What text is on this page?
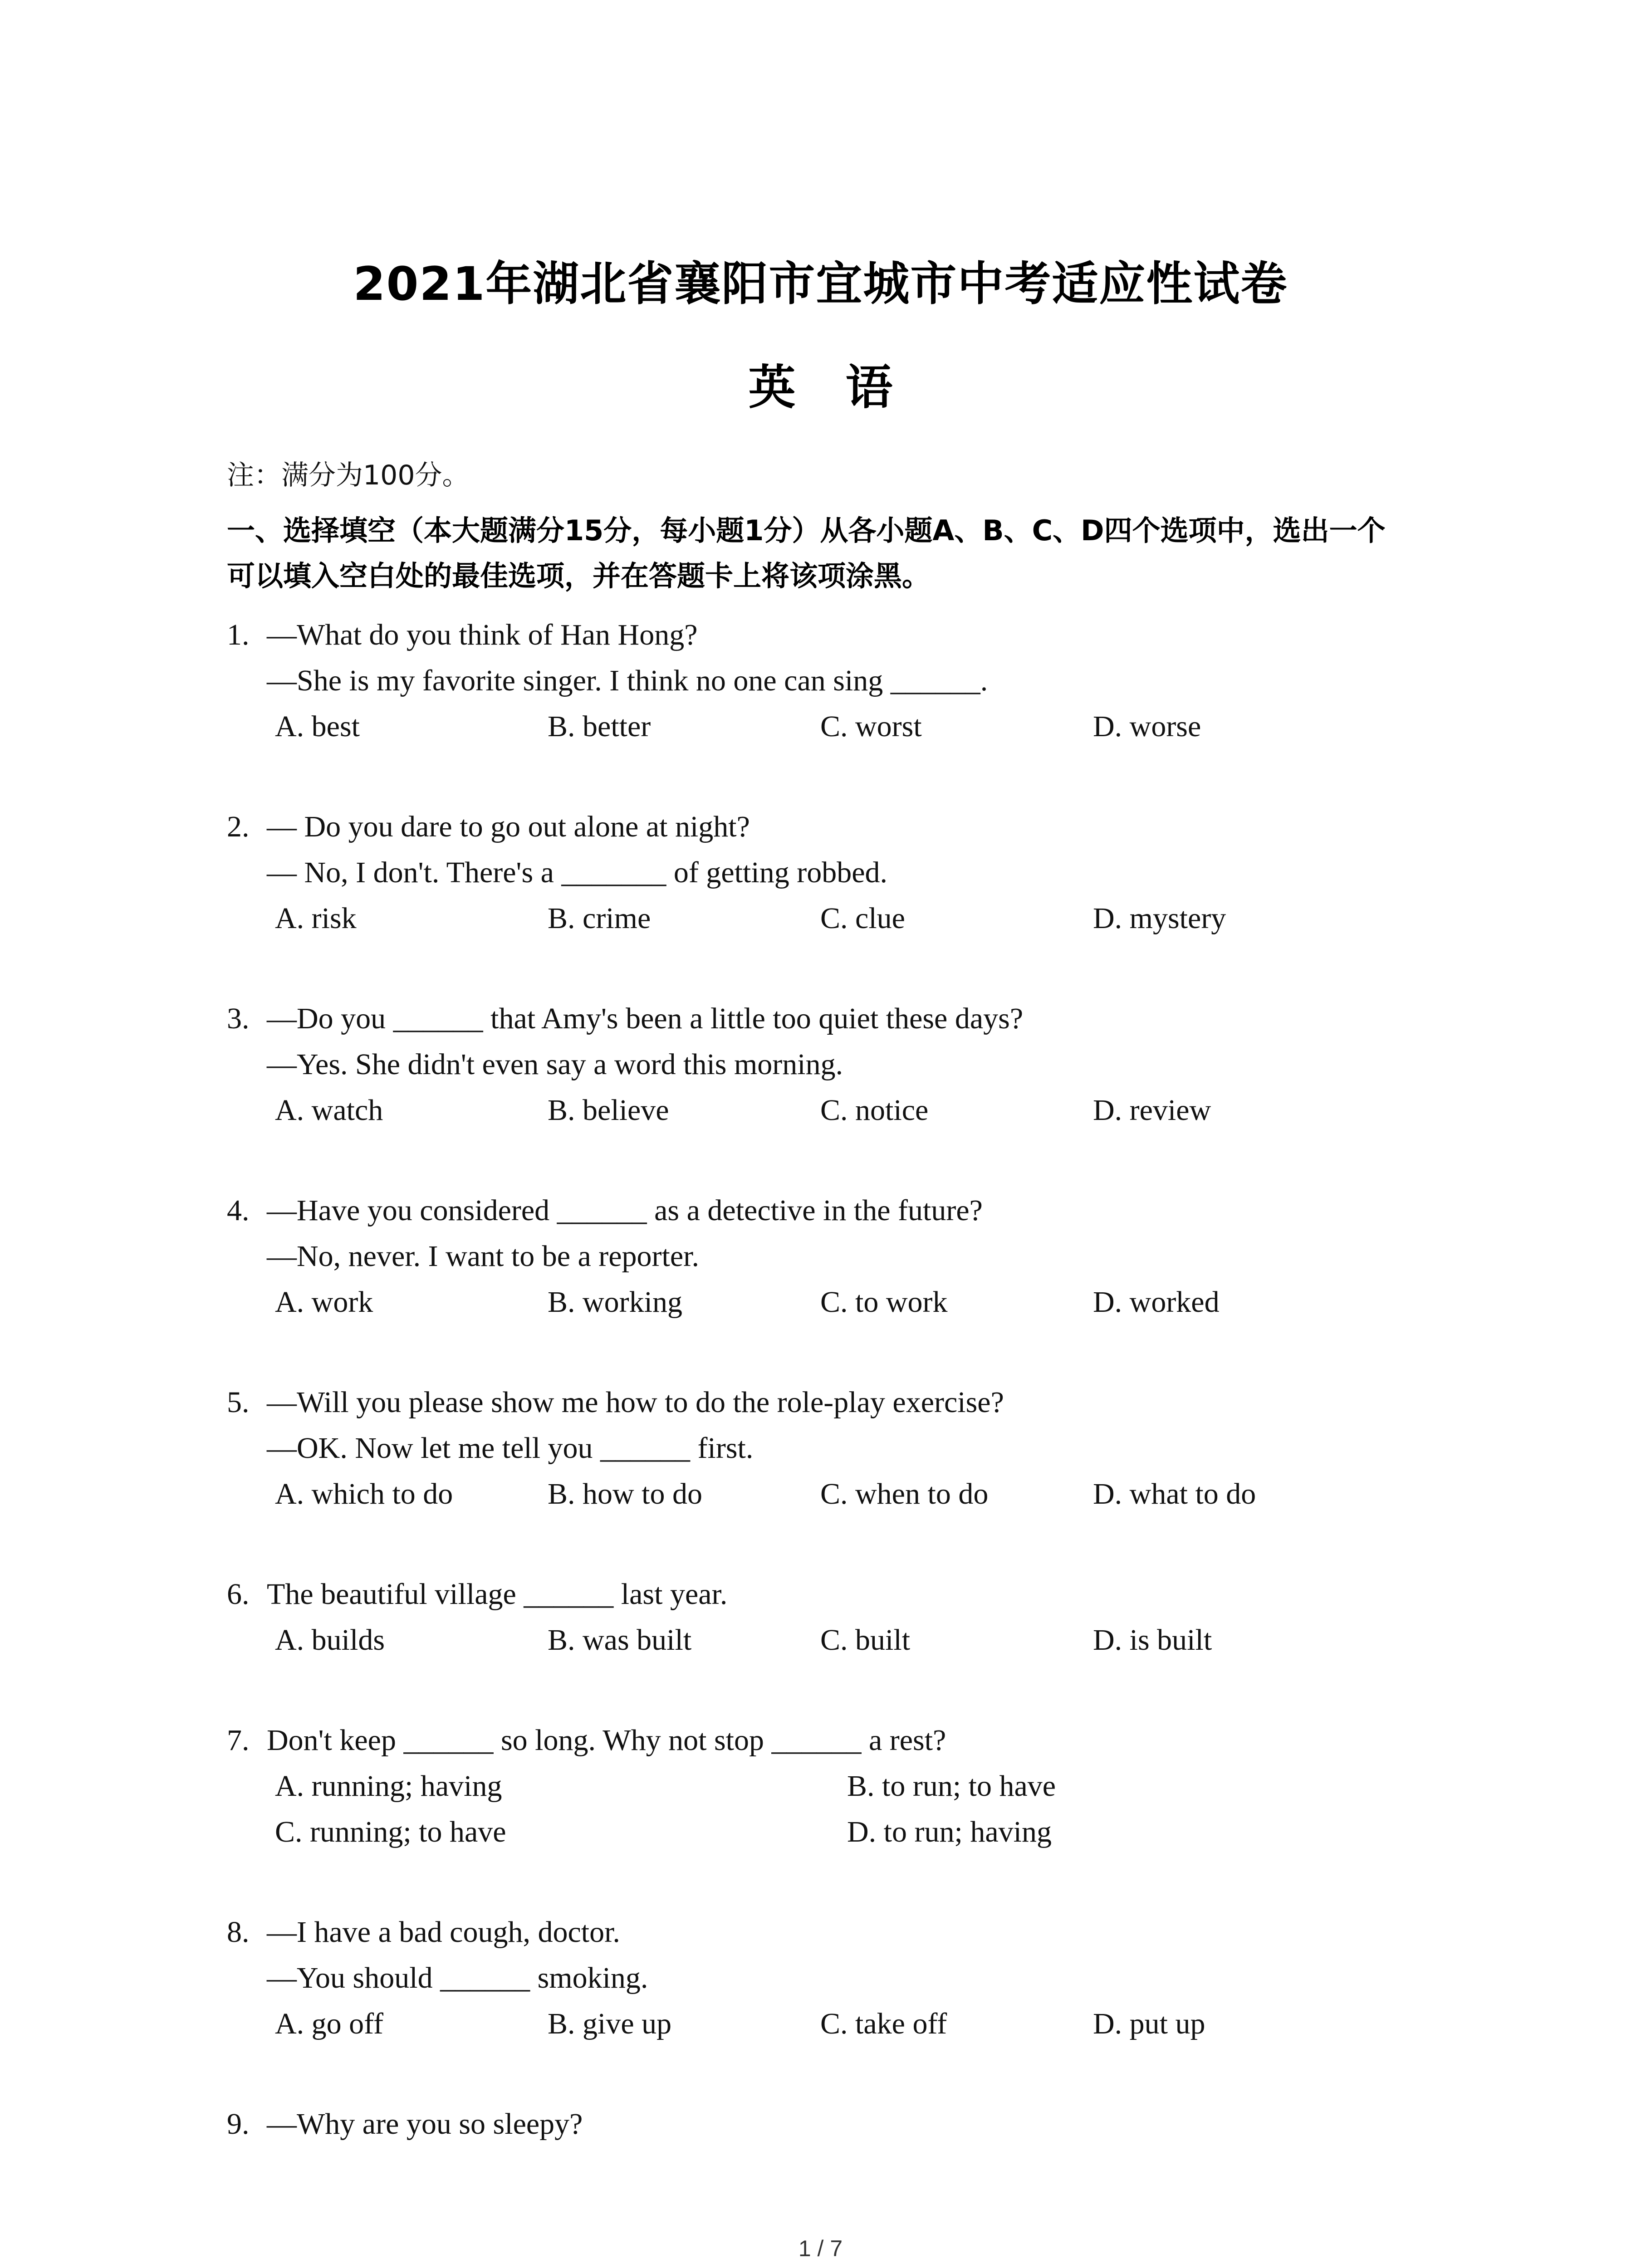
2021年湖北省襄阳市宜城市中考适应性试卷
英语
注：满分为100分。
一、选择填空（本大题满分15分，每小题1分）从各小题A、B、C、D四个选项中，选出一个
可以填入空白处的最佳选项，并在答题卡上将该项涂黑。
1. —What do you think of Han Hong?
—She is my favorite singer. I think no one can sing ______.
A. best	B. better	C. worst	D. worse
2. — Do you dare to go out alone at night?
— No, I don't. There's a _______ of getting robbed.
A. risk	B. crime	C. clue	D. mystery
3. —Do you ______ that Amy's been a little too quiet these days?
—Yes. She didn't even say a word this morning.
A. watch	B. believe	C. notice	D. review
4. —Have you considered ______ as a detective in the future?
—No, never. I want to be a reporter.
A. work	B. working	C. to work	D. worked
5. —Will you please show me how to do the role-play exercise?
—OK. Now let me tell you ______ first.
A. which to do	B. how to do	C. when to do	D. what to do
6. The beautiful village ______ last year.
A. builds	B. was built	C. built	D. is built
7. Don't keep ______ so long. Why not stop ______ a rest?
A. running; having	B. to run; to have
C. running; to have	D. to run; having
8. —I have a bad cough, doctor.
—You should ______ smoking.
A. go off	B. give up	C. take off	D. put up
9. —Why are you so sleepy?
1 / 7
